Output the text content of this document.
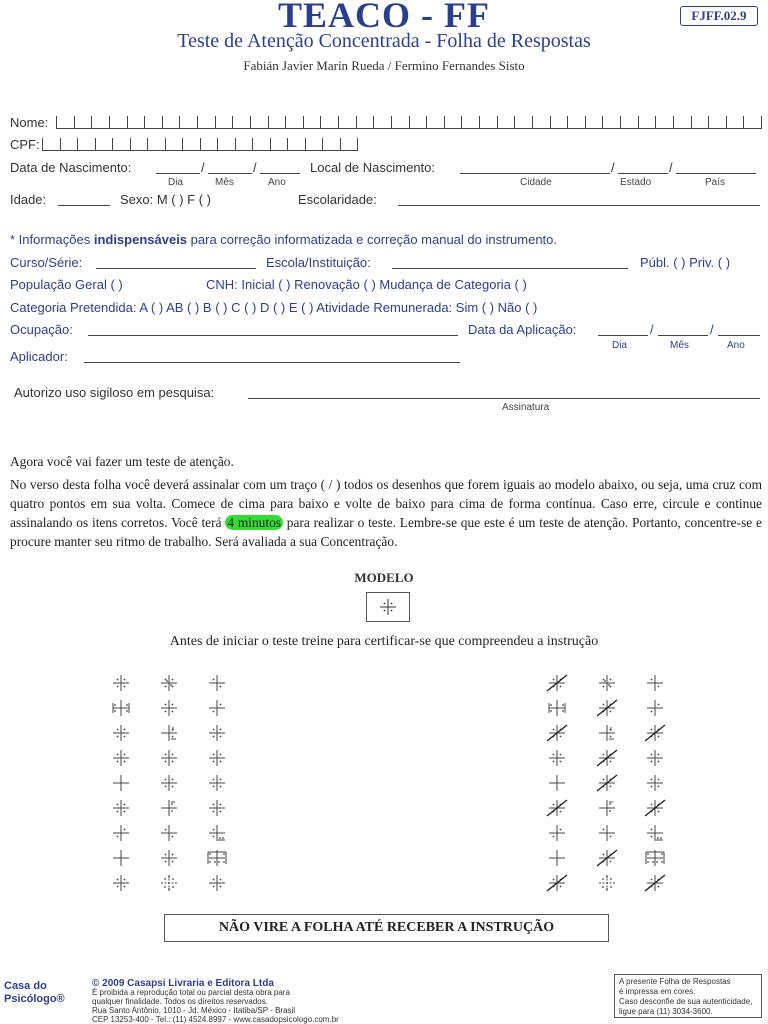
TEACO - FF
Teste de Atenção Concentrada - Folha de Respostas
Fabián Javier Marín Rueda / Fermino Fernandes Sisto
FJFF.02.9
Nome:
CPF:
Data de Nascimento:	/	/
Dia	Mês	Ano
Local de Nascimento:	/	/
Cidade	Estado	País
Idade:	Sexo: M ( ) F ( )	Escolaridade:
* Informações indispensáveis para correção informatizada e correção manual do instrumento.
Curso/Série:	Escola/Instituição:	Públ. ( ) Priv. ( )
População Geral ( )	CNH: Inicial ( ) Renovação ( ) Mudança de Categoria ( )
Categoria Pretendida: A ( ) AB ( ) B ( ) C ( ) D ( ) E ( ) Atividade Remunerada: Sim ( ) Não ( )
Ocupação:	Data da Aplicação:	/	/
Dia	Mês	Ano
Aplicador:
Autorizo uso sigiloso em pesquisa:
Assinatura
Agora você vai fazer um teste de atenção.
No verso desta folha você deverá assinalar com um traço ( / ) todos os desenhos que forem iguais ao modelo abaixo, ou seja, uma cruz com quatro pontos em sua volta. Comece de cima para baixo e volte de baixo para cima de forma contínua. Caso erre, circule e continue assinalando os itens corretos. Você terá 4 minutos para realizar o teste. Lembre-se que este é um teste de atenção. Portanto, concentre-se e procure manter seu ritmo de trabalho. Será avaliada a sua Concentração.
MODELO
Antes de iniciar o teste treine para certificar-se que compreendeu a instrução
NÃO VIRE A FOLHA ATÉ RECEBER A INSTRUÇÃO
Casa do
Psicólogo®
© 2009 Casapsi Livraria e Editora Ltda
É proibida a reprodução total ou parcial desta obra para
qualquer finalidade. Todos os direitos reservados.
Rua Santo Antônio, 1010 - Jd. México - Itatiba/SP - Brasil
CEP 13253-400 - Tel.: (11) 4524.8997 - www.casadopsicologo.com.br
A presente Folha de Respostas
é impressa em cores.
Caso desconfie de sua autenticidade,
ligue para (11) 3034-3600.
